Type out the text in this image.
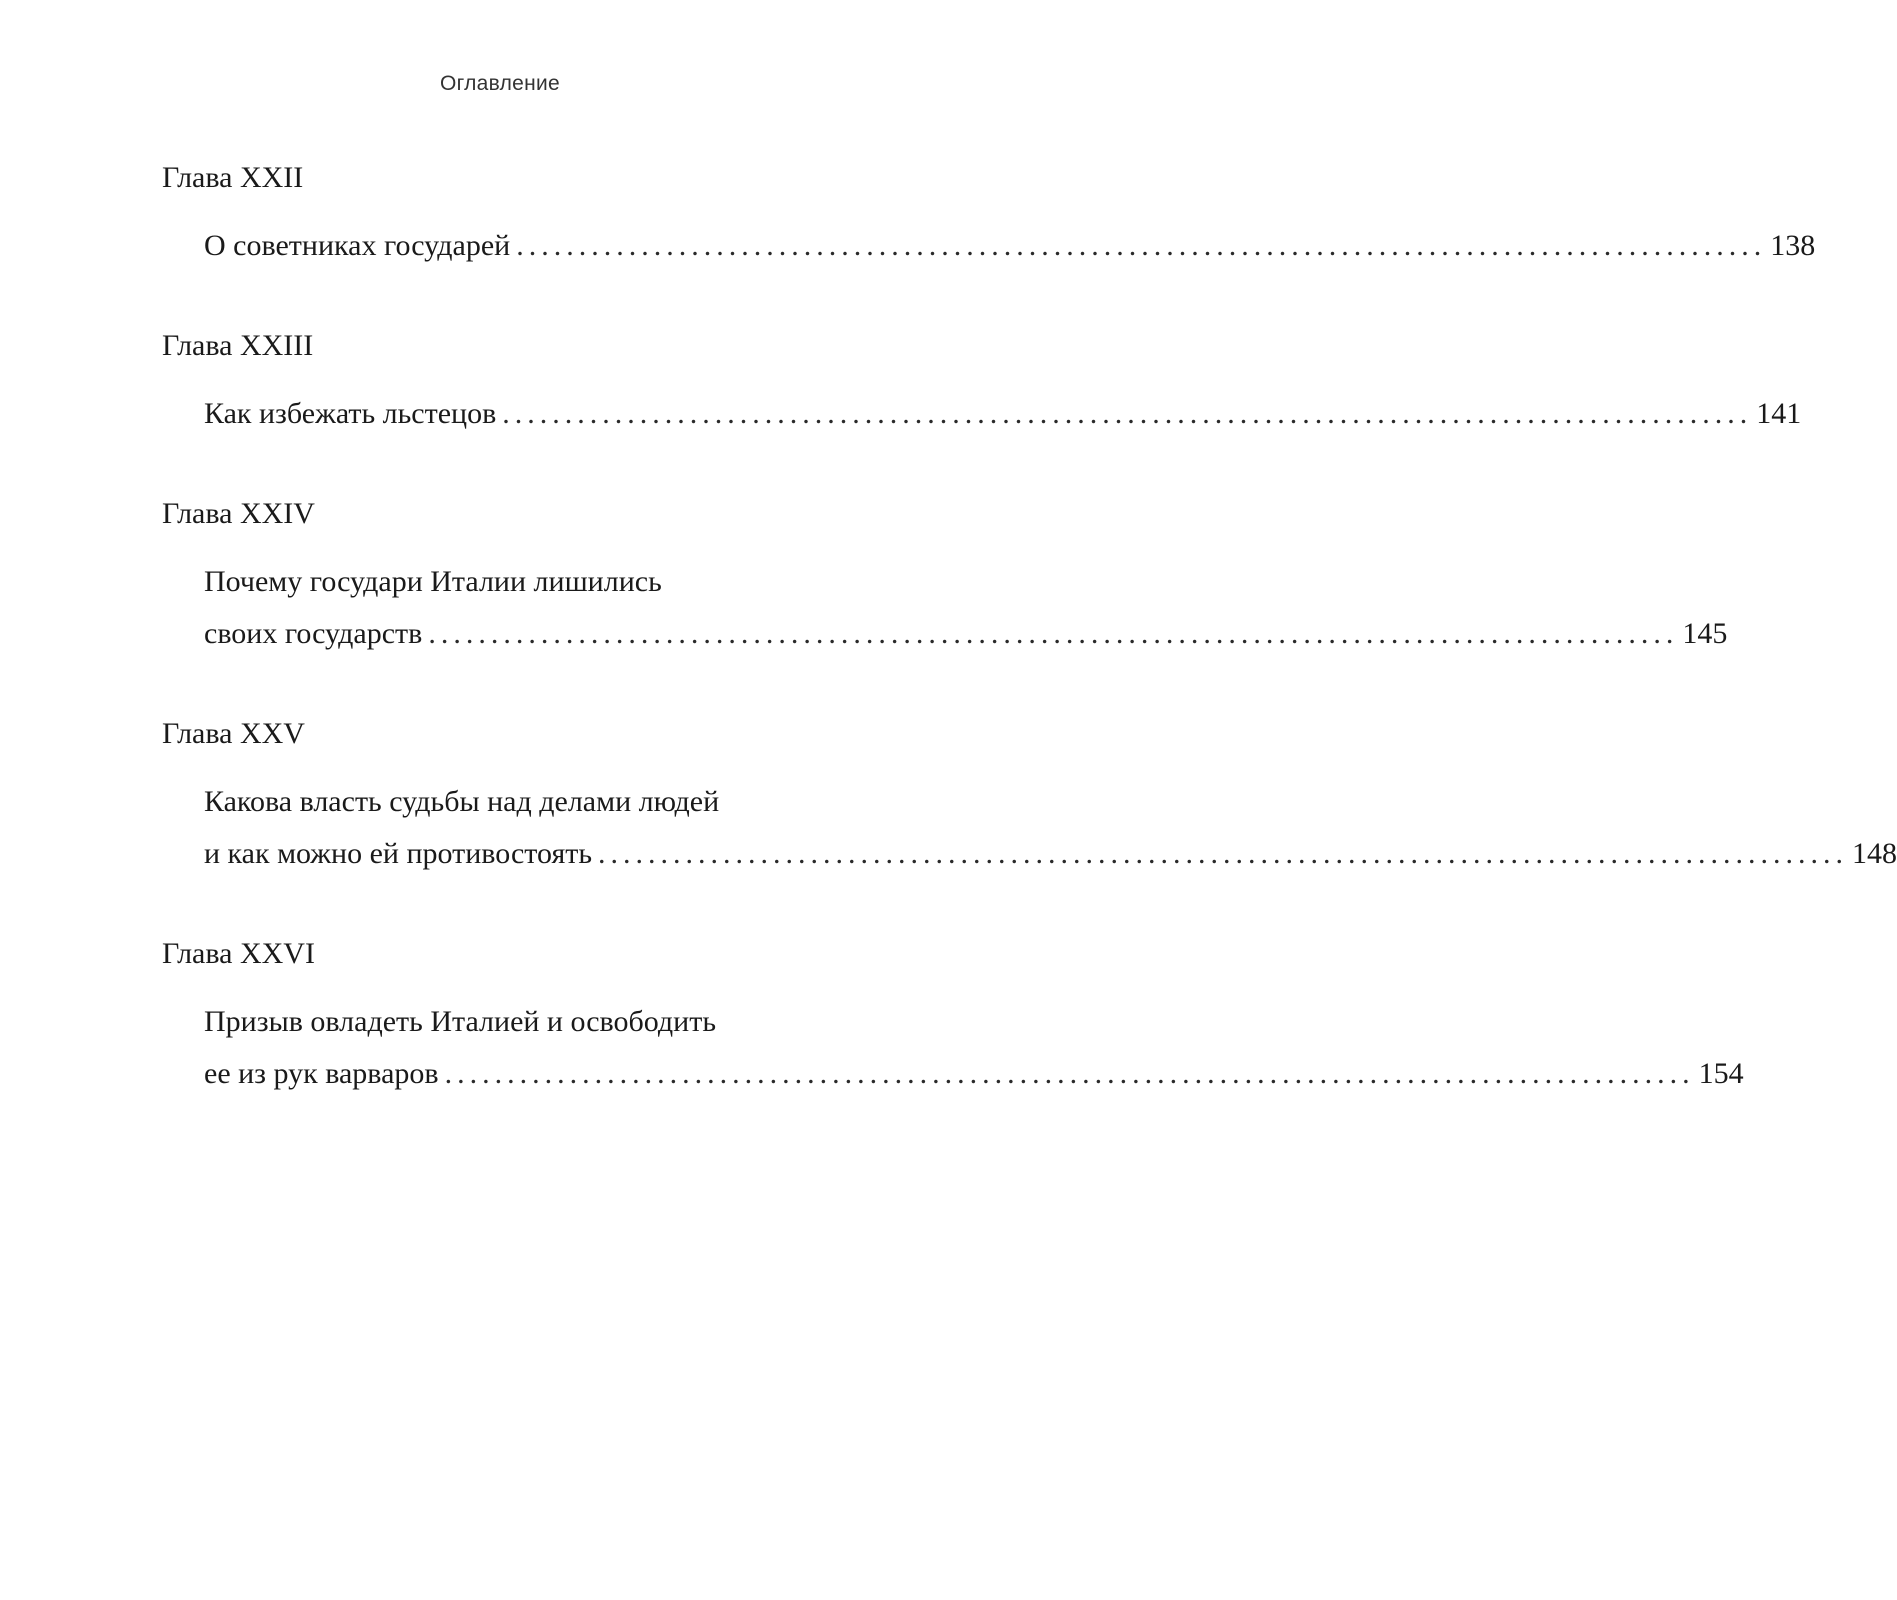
Оглавление
Глава XXII
О советниках государей .................................................................................................... 138
Глава XXIII
Как избежать льстецов .................................................................................................... 141
Глава XXIV
Почему государи Италии лишились
своих государств .................................................................................................... 145
Глава XXV
Какова власть судьбы над делами людей
и как можно ей противостоять .................................................................................................... 148
Глава XXVI
Призыв овладеть Италией и освободить
ее из рук варваров .................................................................................................... 154
